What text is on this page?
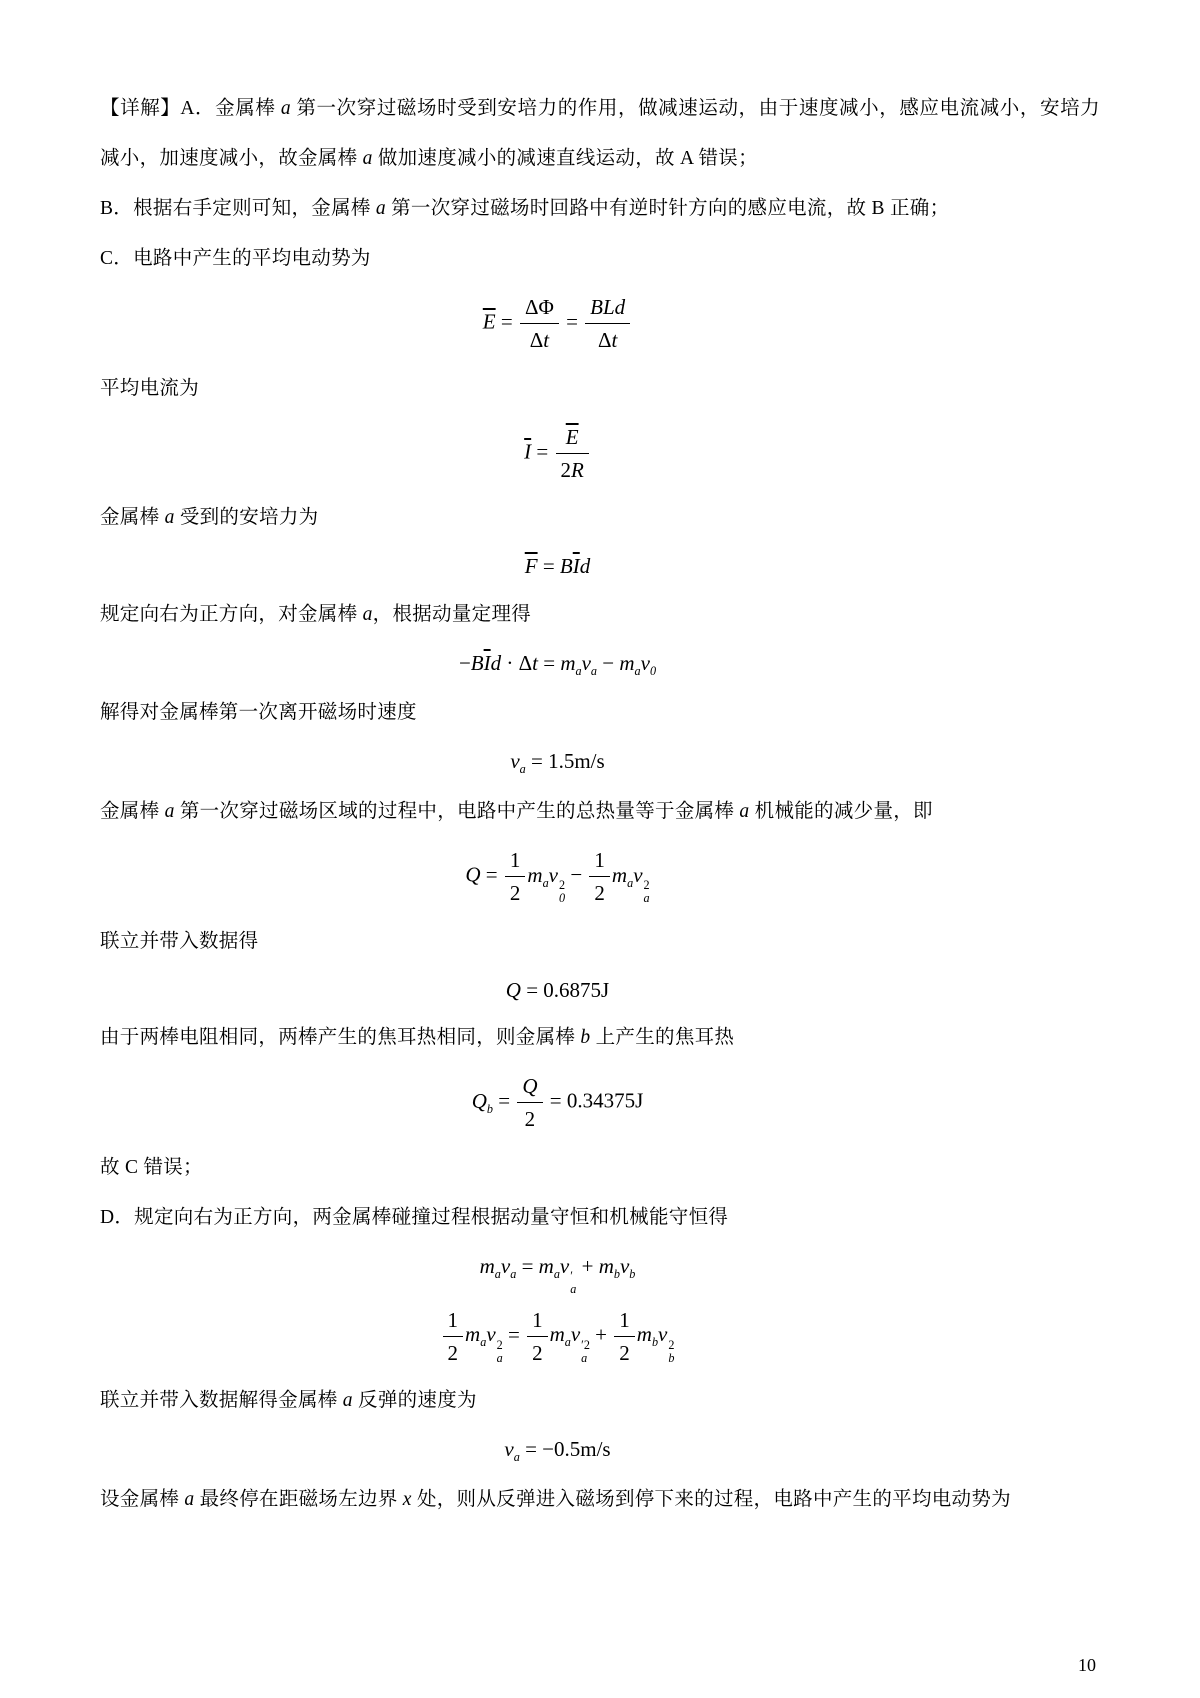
【详解】A．金属棒 a 第一次穿过磁场时受到安培力的作用，做减速运动，由于速度减小，感应电流减小，安培力减小，加速度减小，故金属棒 a 做加速度减小的减速直线运动，故 A 错误；

B．根据右手定则可知，金属棒 a 第一次穿过磁场时回路中有逆时针方向的感应电流，故 B 正确；

C．电路中产生的平均电动势为

$\overline{E} = \frac{\Delta\Phi}{\Delta t} = \frac{\text{BLd}}{\Delta t}$

平均电流为

$\overline{I} = \frac{\overline{E}}{2R}$

金属棒 a 受到的安培力为

$\overline{F} = B\overline{I}d$

规定向右为正方向，对金属棒 a，根据动量定理得

$-B\overline{I}d \cdot \Delta t = m_av_a - m_av_0$

解得对金属棒第一次离开磁场时速度

$v_a = 1.5m/s$

金属棒 a 第一次穿过磁场区域的过程中，电路中产生的总热量等于金属棒 a 机械能的减少量，即

$Q = \frac{1}{2} m_av$ 2
0
− $\frac{1}{2} m_av$ 2
a

联立并带入数据得

Q = 0.6875J

由于两棒电阻相同，两棒产生的焦耳热相同，则金属棒 b 上产生的焦耳热

$Q_b = \frac{Q}{2} = 0.34375J$

故 C 错误；

D．规定向右为正方向，两金属棒碰撞过程根据动量守恒和机械能守恒得

$m_av_a = m_av$ ′
a
+ $m_bv_b$
$\frac{1}{2} m_av$ 2
a
= $\frac{1}{2} m_av$ ′2
a
+ $\frac{1}{2} m_bv$ 2
b

联立并带入数据解得金属棒 a 反弹的速度为

$v_a = -0.5m/s$

设金属棒 a 最终停在距磁场左边界 x 处，则从反弹进入磁场到停下来的过程，电路中产生的平均电动势为

10
